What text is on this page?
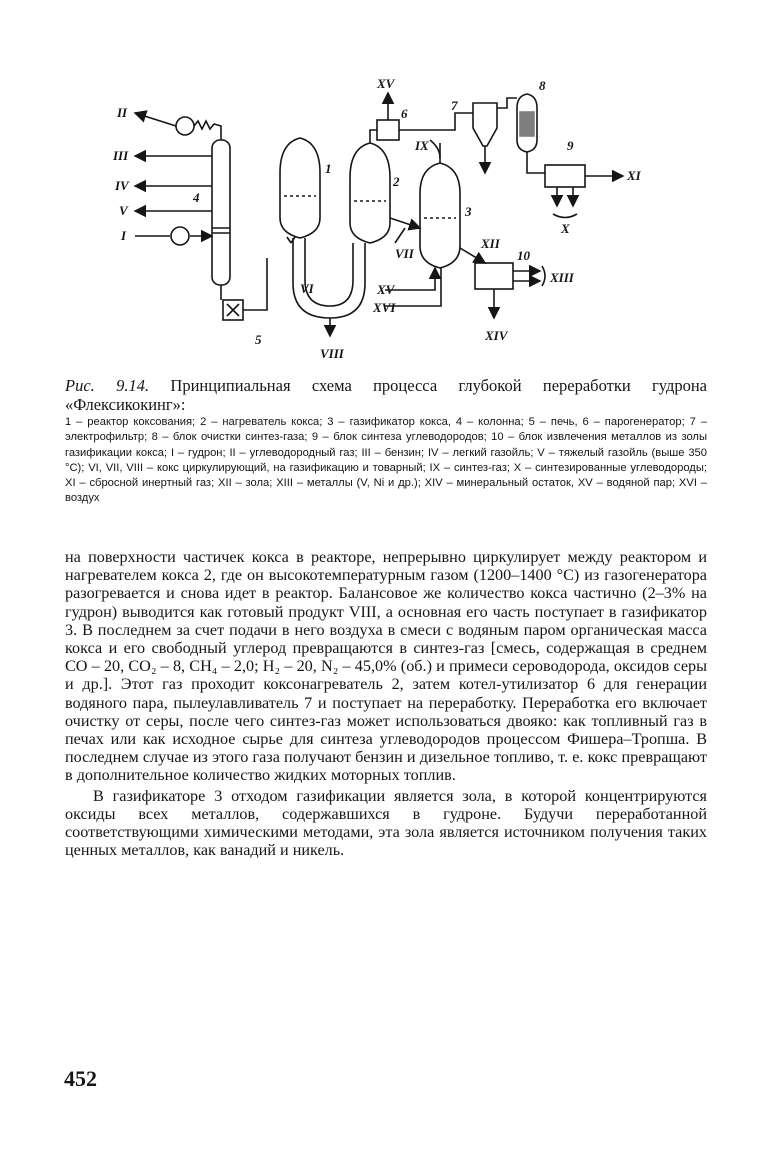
II
III
IV
V
I
XV
IX
VII
VI
VIII
XV
XVI
XII
XIII
XIV
XI
X
1
2
3
4
5
6
7
8
9
10

Рис. 9.14. Принципиальная схема процесса глубокой переработки гудрона «Флексикокинг»:

1 – реактор коксования; 2 – нагреватель кокса; 3 – газификатор кокса, 4 – колонна; 5 – печь, 6 – парогенератор; 7 – электрофильтр; 8 – блок очистки синтез-газа; 9 – блок синтеза углеводородов; 10 – блок извлечения металлов из золы газификации кокса; I – гудрон; II – углеводородный газ; III – бензин; IV – легкий газойль; V – тяжелый газойль (выше 350 °С); VI, VII, VIII – кокс циркулирующий, на газификацию и товарный; IX – синтез-газ; X – синтезированные углеводороды; XI – сбросной инертный газ; XII – зола; XIII – металлы (V, Ni и др.); XIV – минеральный остаток, XV – водяной пар; XVI – воздух

на поверхности частичек кокса в реакторе, непрерывно циркулирует между реактором и нагревателем кокса 2, где он высокотемпературным газом (1200–1400 °С) из газогенератора разогревается и снова идет в реактор. Балансовое же количество кокса частично (2–3% на гудрон) выводится как готовый продукт VIII, а основная его часть поступает в газификатор 3. В последнем за счет подачи в него воздуха в смеси с водяным паром органическая масса кокса и его свободный углерод превращаются в синтез-газ [смесь, содержащая в среднем СО – 20, СО₂ – 8, СН₄ – 2,0; Н₂ – 20, N₂ – 45,0% (об.) и примеси сероводорода, оксидов серы и др.]. Этот газ проходит коксонагреватель 2, затем котел-утилизатор 6 для генерации водяного пара, пылеулавливатель 7 и поступает на переработку. Переработка его включает очистку от серы, после чего синтез-газ может использоваться двояко: как топливный газ в печах или как исходное сырье для синтеза углеводородов процессом Фишера–Тропша. В последнем случае из этого газа получают бензин и дизельное топливо, т. е. кокс превращают в дополнительное количество жидких моторных топлив.

В газификаторе 3 отходом газификации является зола, в которой концентрируются оксиды всех металлов, содержавшихся в гудроне. Будучи переработанной соответствующими химическими методами, эта зола является источником получения таких ценных металлов, как ванадий и никель.

452
